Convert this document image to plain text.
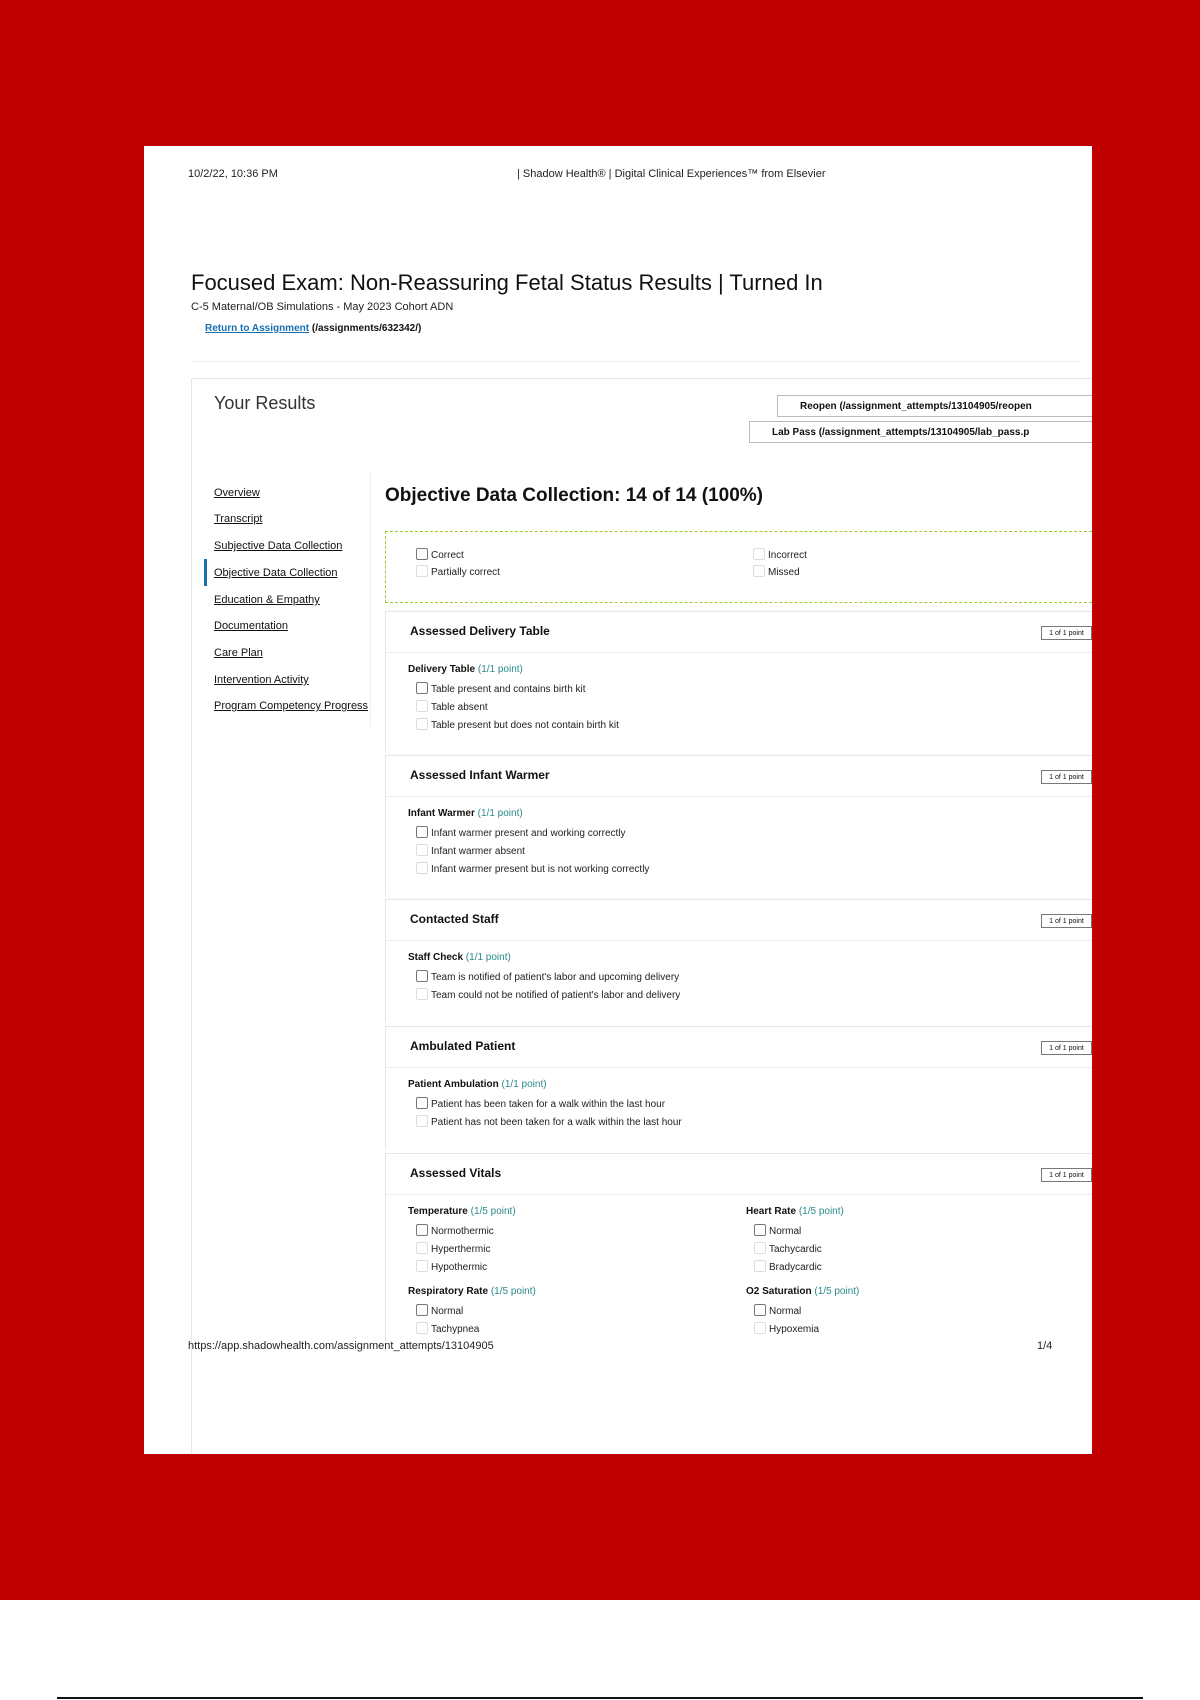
10/2/22, 10:36 PM	| Shadow Health® | Digital Clinical Experiences™ from Elsevier
Focused Exam: Non-Reassuring Fetal Status Results | Turned In
C-5 Maternal/OB Simulations - May 2023 Cohort ADN
Return to Assignment (/assignments/632342/)
Your Results	Reopen (/assignment_attempts/13104905/reopen
Lab Pass (/assignment_attempts/13104905/lab_pass.p
Overview
Transcript
Subjective Data Collection
Objective Data Collection
Education & Empathy
Documentation
Care Plan
Intervention Activity
Program Competency Progress
Objective Data Collection: 14 of 14 (100%)
Correct
Partially correct
Incorrect
Missed
Assessed Delivery Table	1 of 1 point
Delivery Table (1/1 point)
Table present and contains birth kit
Table absent
Table present but does not contain birth kit
Assessed Infant Warmer	1 of 1 point
Infant Warmer (1/1 point)
Infant warmer present and working correctly
Infant warmer absent
Infant warmer present but is not working correctly
Contacted Staff	1 of 1 point
Staff Check (1/1 point)
Team is notified of patient's labor and upcoming delivery
Team could not be notified of patient's labor and delivery
Ambulated Patient	1 of 1 point
Patient Ambulation (1/1 point)
Patient has been taken for a walk within the last hour
Patient has not been taken for a walk within the last hour
Assessed Vitals	1 of 1 point
Temperature (1/5 point)
Normothermic
Hyperthermic
Hypothermic
Heart Rate (1/5 point)
Normal
Tachycardic
Bradycardic
Respiratory Rate (1/5 point)
Normal
Tachypnea
O2 Saturation (1/5 point)
Normal
Hypoxemia
https://app.shadowhealth.com/assignment_attempts/13104905	1/4
